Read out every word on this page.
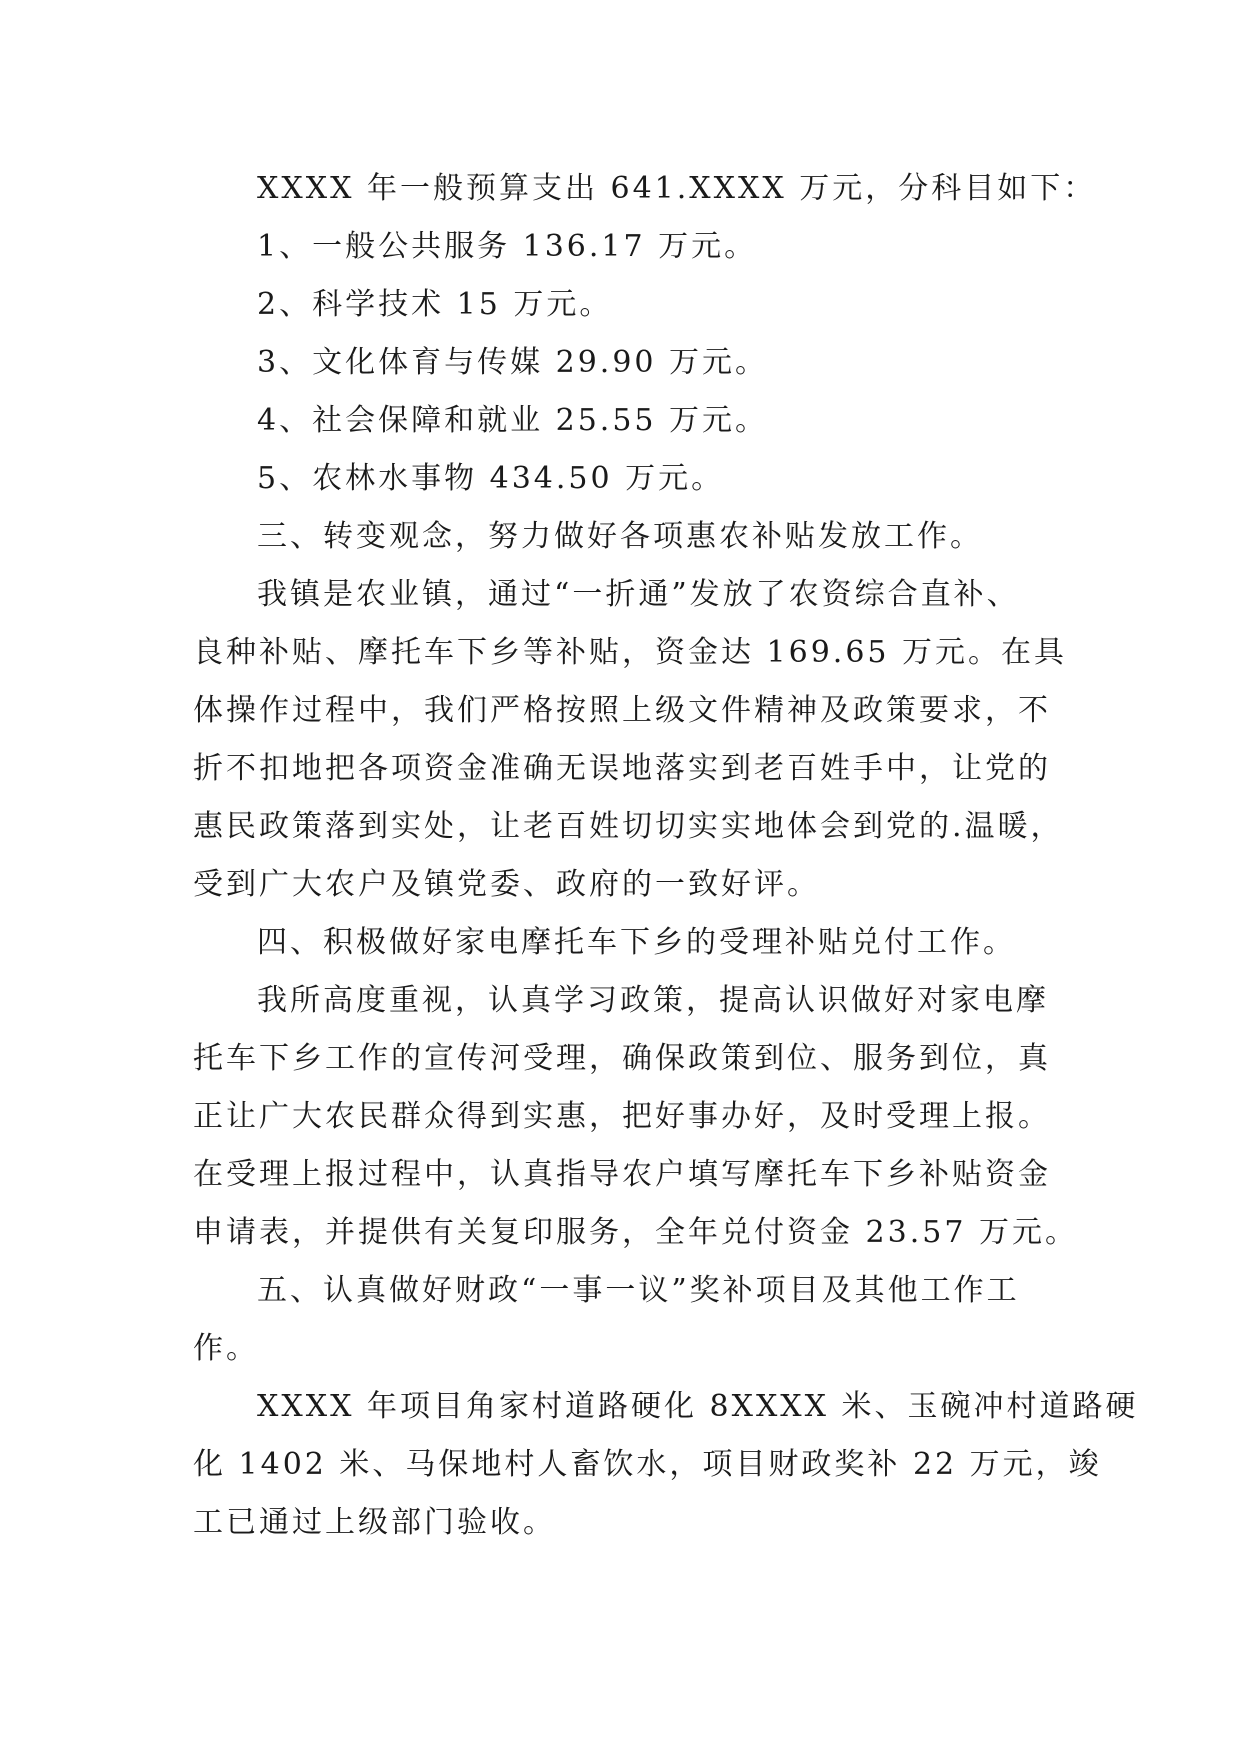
XXXX 年一般预算支出 641.XXXX 万元，分科目如下：

1、一般公共服务 136.17 万元。

2、科学技术 15 万元。

3、文化体育与传媒 29.90 万元。

4、社会保障和就业 25.55 万元。

5、农林水事物 434.50 万元。

三、转变观念，努力做好各项惠农补贴发放工作。

我镇是农业镇，通过“一折通”发放了农资综合直补、

良种补贴、摩托车下乡等补贴，资金达 169.65 万元。在具

体操作过程中，我们严格按照上级文件精神及政策要求，不

折不扣地把各项资金准确无误地落实到老百姓手中，让党的

惠民政策落到实处，让老百姓切切实实地体会到党的.温暖，

受到广大农户及镇党委、政府的一致好评。

四、积极做好家电摩托车下乡的受理补贴兑付工作。

我所高度重视，认真学习政策，提高认识做好对家电摩

托车下乡工作的宣传河受理，确保政策到位、服务到位，真

正让广大农民群众得到实惠，把好事办好，及时受理上报。

在受理上报过程中，认真指导农户填写摩托车下乡补贴资金

申请表，并提供有关复印服务，全年兑付资金 23.57 万元。

五、认真做好财政“一事一议”奖补项目及其他工作工

作。

XXXX 年项目角家村道路硬化 8XXXX 米、玉碗冲村道路硬

化 1402 米、马保地村人畜饮水，项目财政奖补 22 万元，竣

工已通过上级部门验收。
